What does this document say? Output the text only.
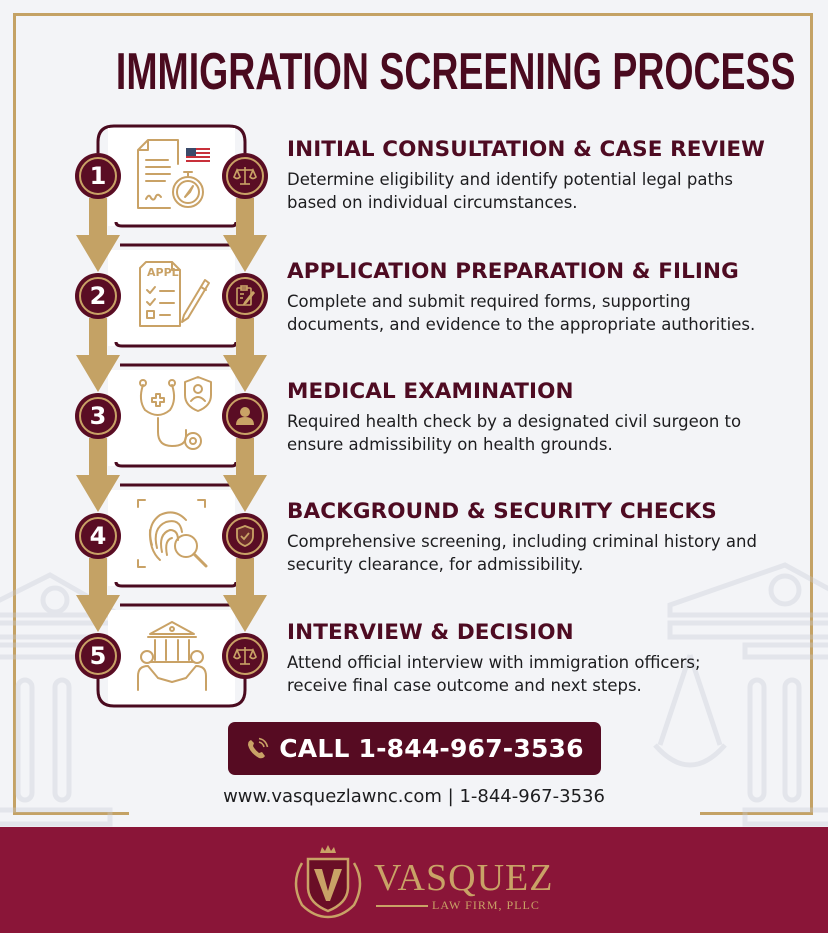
IMMIGRATION SCREENING PROCESS
1
2
3
4
5
APPL
INITIAL CONSULTATION & CASE REVIEW
Determine eligibility and identify potential legal paths based on individual circumstances.
APPLICATION PREPARATION & FILING
Complete and submit required forms, supporting documents, and evidence to the appropriate authorities.
MEDICAL EXAMINATION
Required health check by a designated civil surgeon to ensure admissibility on health grounds.
BACKGROUND & SECURITY CHECKS
Comprehensive screening, including criminal history and security clearance, for admissibility.
INTERVIEW & DECISION
Attend official interview with immigration officers; receive final case outcome and next steps.
CALL 1-844-967-3536
www.vasquezlawnc.com | 1-844-967-3536
VASQUEZ
LAW FIRM, PLLC
